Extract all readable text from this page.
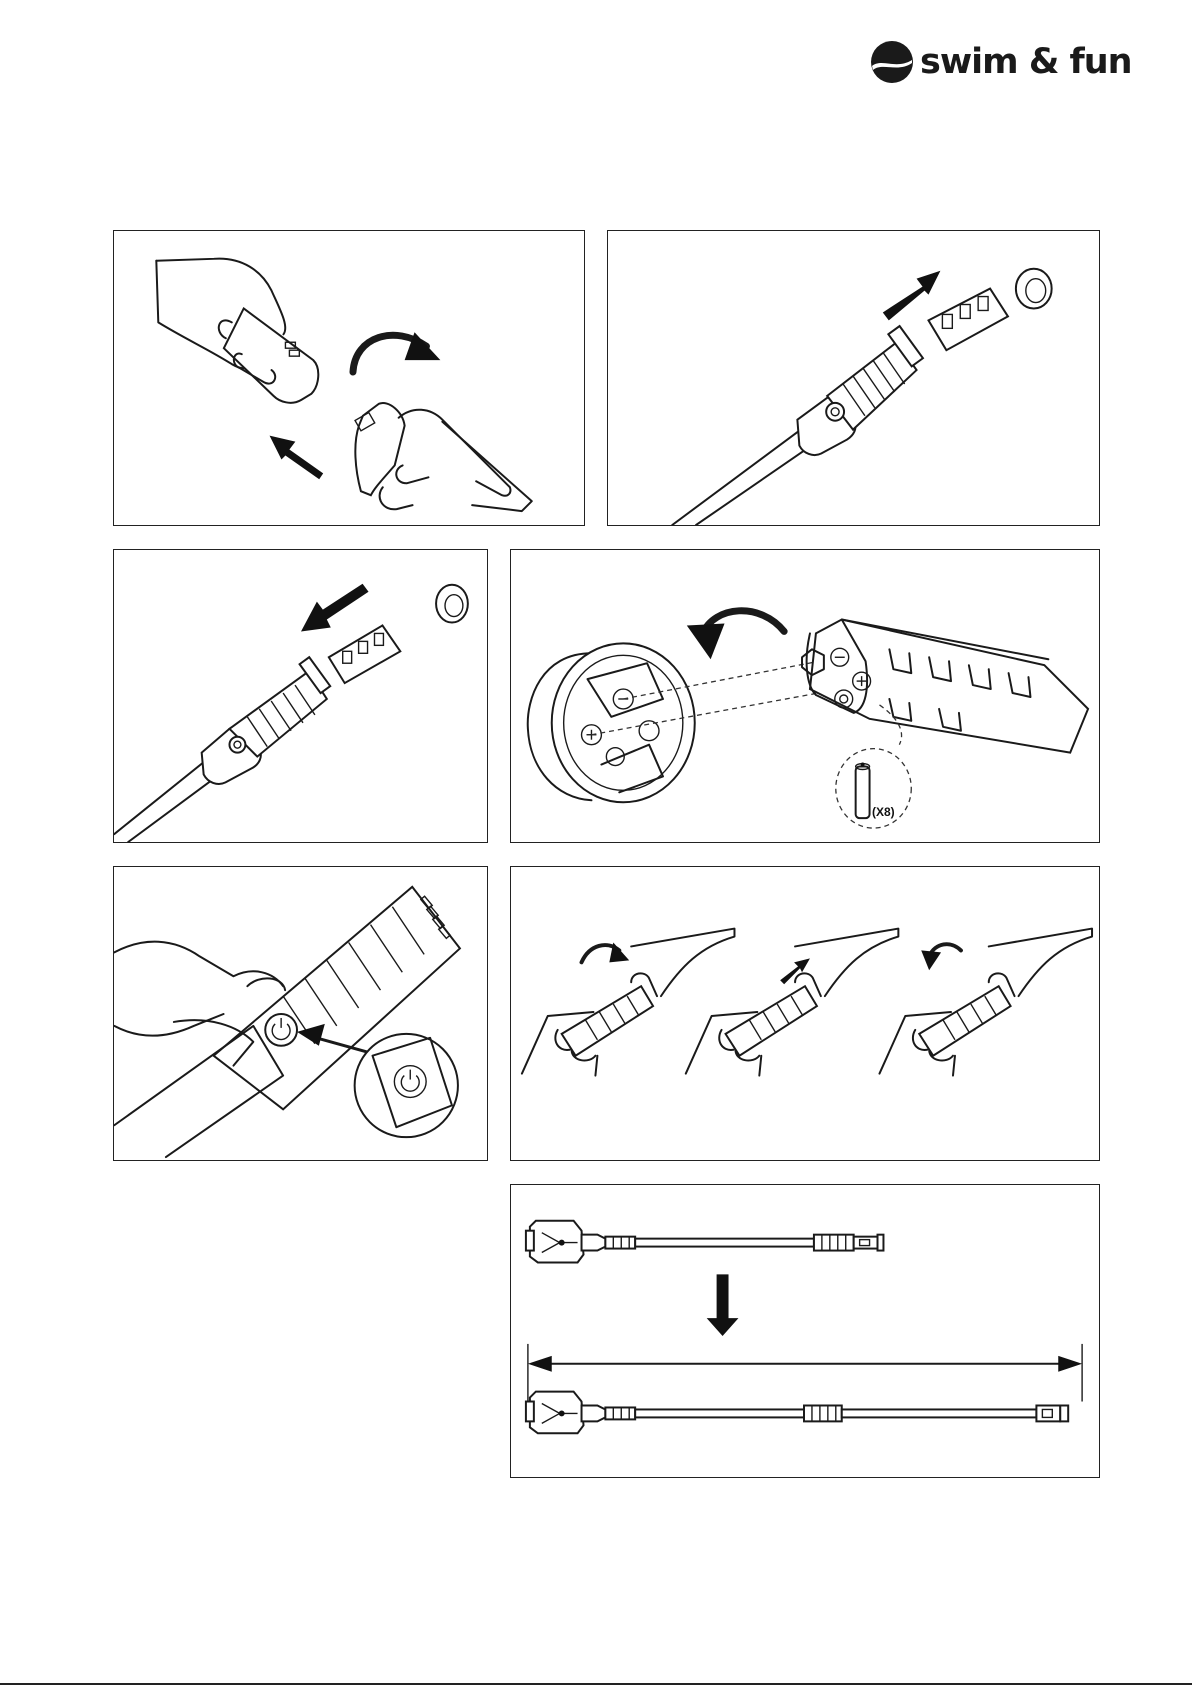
swim & fun
(X8)
